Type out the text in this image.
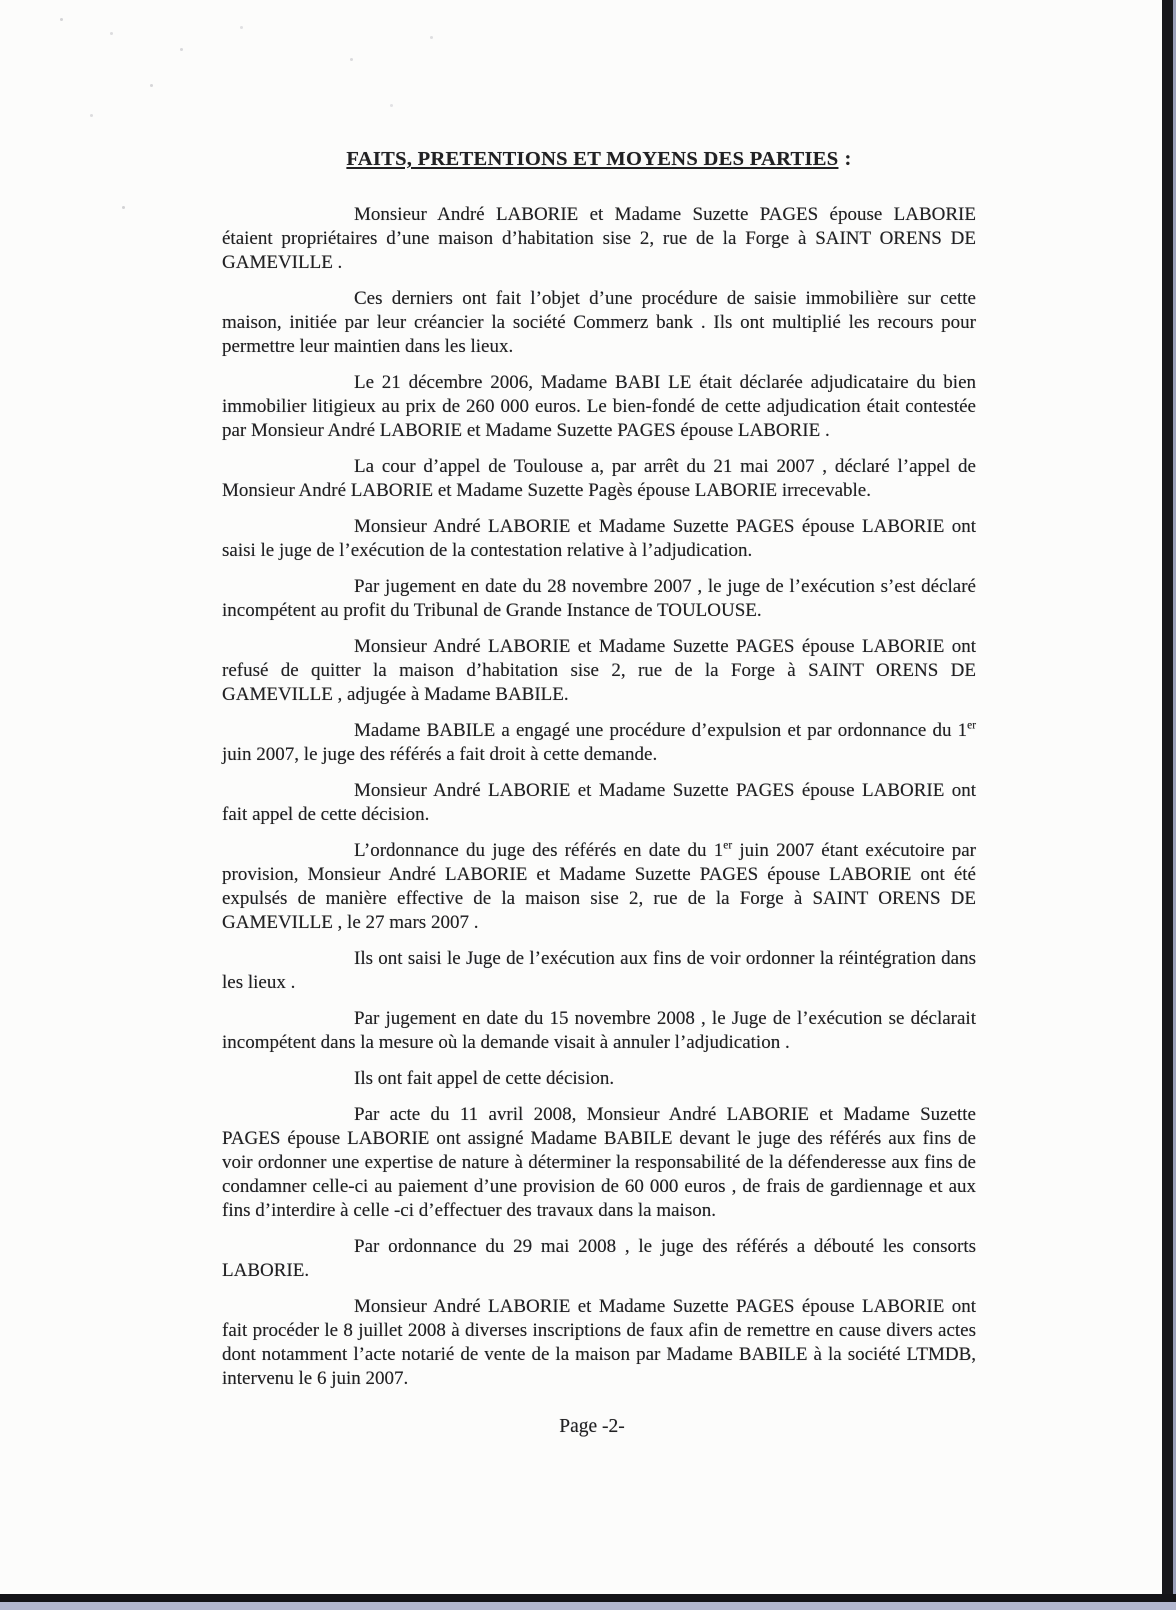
FAITS, PRETENTIONS ET MOYENS DES PARTIES :

Monsieur André LABORIE et Madame Suzette PAGES épouse LABORIE étaient propriétaires d’une maison d’habitation sise 2, rue de la Forge à SAINT ORENS DE GAMEVILLE .

Ces derniers ont fait l’objet d’une procédure de saisie immobilière sur cette maison, initiée par leur créancier la société Commerz bank . Ils ont multiplié les recours pour permettre leur maintien dans les lieux.

Le 21 décembre 2006, Madame BABI LE était déclarée adjudicataire du bien immobilier litigieux au prix de 260 000 euros. Le bien-fondé de cette adjudication était contestée par Monsieur André LABORIE et Madame Suzette PAGES épouse LABORIE .

La cour d’appel de Toulouse a, par arrêt du 21 mai 2007 , déclaré l’appel de Monsieur André LABORIE et Madame Suzette Pagès épouse LABORIE irrecevable.

Monsieur André LABORIE et Madame Suzette PAGES épouse LABORIE ont saisi le juge de l’exécution de la contestation relative à l’adjudication.

Par jugement en date du 28 novembre 2007 , le juge de l’exécution s’est déclaré incompétent au profit du Tribunal de Grande Instance de TOULOUSE.

Monsieur André LABORIE et Madame Suzette PAGES épouse LABORIE ont refusé de quitter la maison d’habitation sise 2, rue de la Forge à SAINT ORENS DE GAMEVILLE , adjugée à Madame BABILE.

Madame BABILE a engagé une procédure d’expulsion et par ordonnance du 1er juin 2007, le juge des référés a fait droit à cette demande.

Monsieur André LABORIE et Madame Suzette PAGES épouse LABORIE ont fait appel de cette décision.

L’ordonnance du juge des référés en date du 1er juin 2007 étant exécutoire par provision, Monsieur André LABORIE et Madame Suzette PAGES épouse LABORIE ont été expulsés de manière effective de la maison sise 2, rue de la Forge à SAINT ORENS DE GAMEVILLE , le 27 mars 2007 .

Ils ont saisi le Juge de l’exécution aux fins de voir ordonner la réintégration dans les lieux .

Par jugement en date du 15 novembre 2008 , le Juge de l’exécution se déclarait incompétent dans la mesure où la demande visait à annuler l’adjudication .

Ils ont fait appel de cette décision.

Par acte du 11 avril 2008, Monsieur André LABORIE et Madame Suzette PAGES épouse LABORIE ont assigné Madame BABILE devant le juge des référés aux fins de voir ordonner une expertise de nature à déterminer la responsabilité de la défenderesse aux fins de condamner celle-ci au paiement d’une provision de 60 000 euros , de frais de gardiennage et aux fins d’interdire à celle -ci d’effectuer des travaux dans la maison.

Par ordonnance du 29 mai 2008 , le juge des référés a débouté les consorts LABORIE.

Monsieur André LABORIE et Madame Suzette PAGES épouse LABORIE ont fait procéder le 8 juillet 2008 à diverses inscriptions de faux afin de remettre en cause divers actes dont notamment l’acte notarié de vente de la maison par Madame BABILE à la société LTMDB, intervenu le 6 juin 2007.

Page -2-
